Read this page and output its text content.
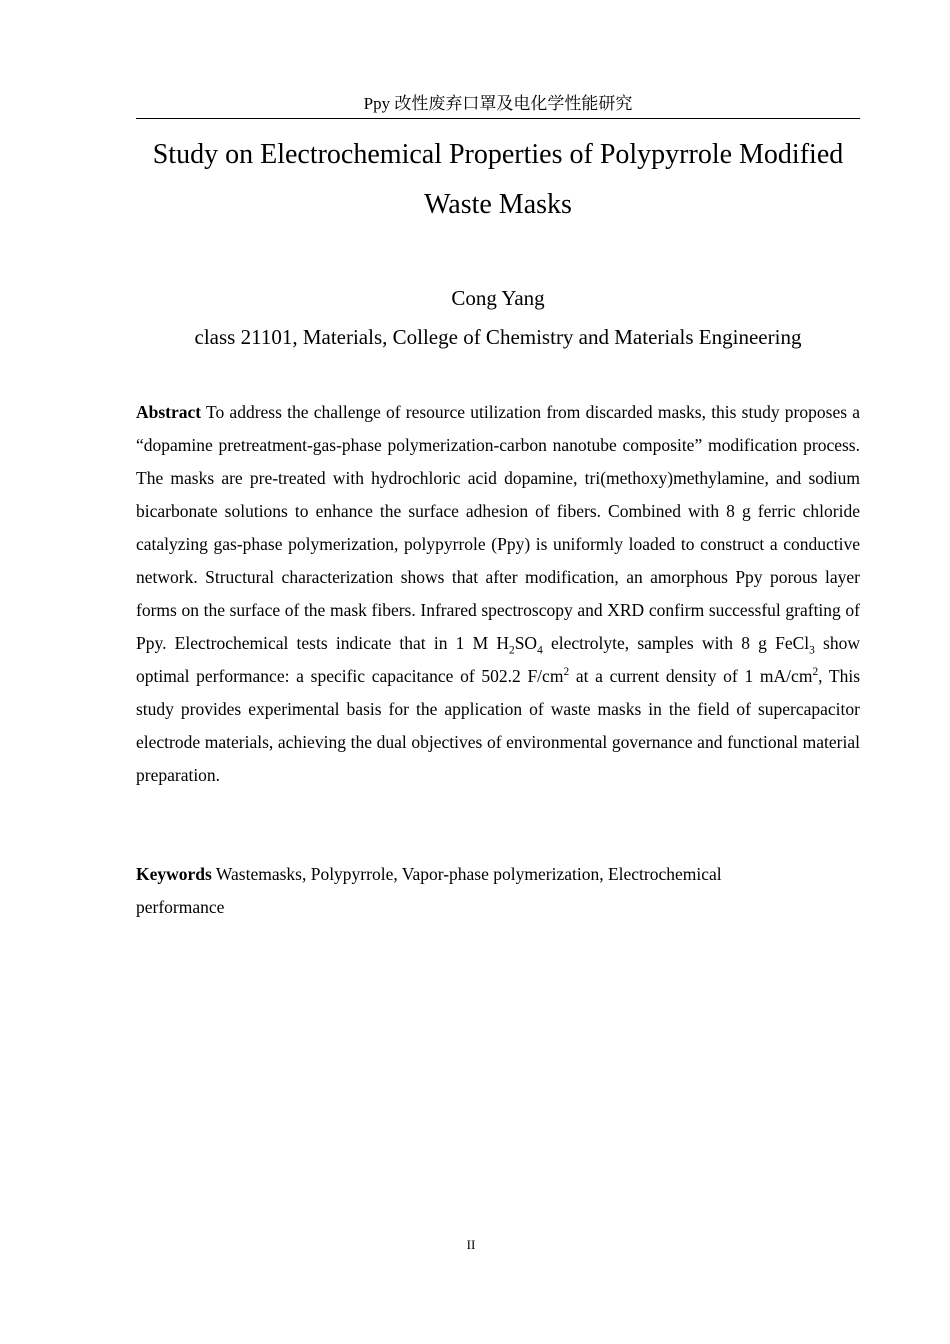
Ppy 改性废弃口罩及电化学性能研究
Study on Electrochemical Properties of Polypyrrole Modified Waste Masks
Cong Yang
class 21101, Materials, College of Chemistry and Materials Engineering

Abstract To address the challenge of resource utilization from discarded masks, this study proposes a “dopamine pretreatment-gas-phase polymerization-carbon nanotube composite” modification process. The masks are pre-treated with hydrochloric acid dopamine, tri(methoxy)methylamine, and sodium bicarbonate solutions to enhance the surface adhesion of fibers. Combined with 8 g ferric chloride catalyzing gas-phase polymerization, polypyrrole (Ppy) is uniformly loaded to construct a conductive network. Structural characterization shows that after modification, an amorphous Ppy porous layer forms on the surface of the mask fibers. Infrared spectroscopy and XRD confirm successful grafting of Ppy. Electrochemical tests indicate that in 1 M $H_2SO_4$ electrolyte, samples with 8 g FeCl$_3$ show optimal performance: a specific capacitance of 502.2 $F/cm^2$ at a current density of 1 $mA/cm^2$, This study provides experimental basis for the application of waste masks in the field of supercapacitor electrode materials, achieving the dual objectives of environmental governance and functional material preparation.

Keywords Wastemasks, Polypyrrole, Vapor-phase polymerization, Electrochemical performance

II
